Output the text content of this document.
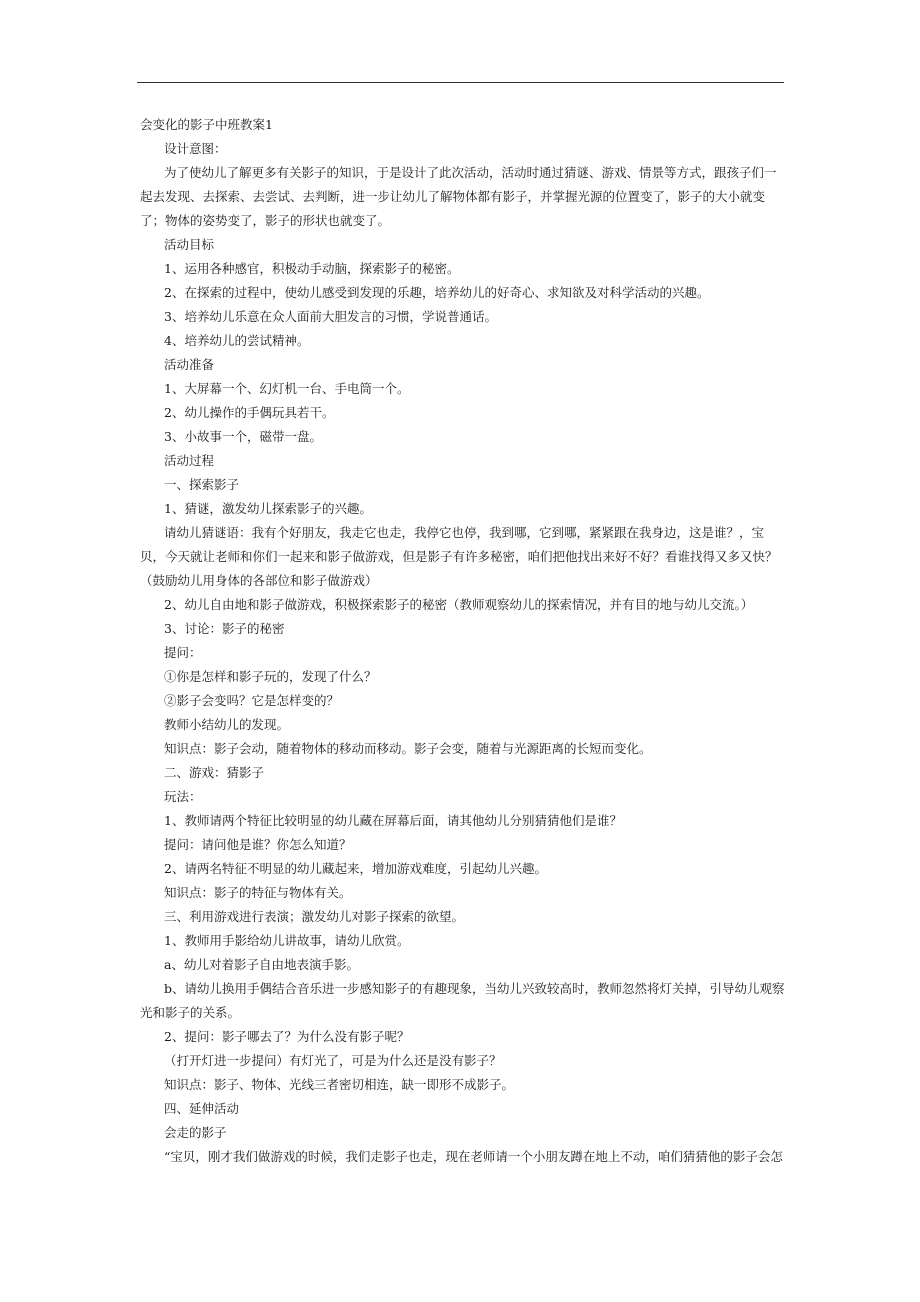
会变化的影子中班教案1

设计意图：

为了使幼儿了解更多有关影子的知识，于是设计了此次活动，活动时通过猜谜、游戏、情景等方式，跟孩子们一起去发现、去探索、去尝试、去判断，进一步让幼儿了解物体都有影子，并掌握光源的位置变了，影子的大小就变了；物体的姿势变了，影子的形状也就变了。

活动目标

1、运用各种感官，积极动手动脑，探索影子的秘密。

2、在探索的过程中，使幼儿感受到发现的乐趣，培养幼儿的好奇心、求知欲及对科学活动的兴趣。

3、培养幼儿乐意在众人面前大胆发言的习惯，学说普通话。

4、培养幼儿的尝试精神。

活动准备

1、大屏幕一个、幻灯机一台、手电筒一个。

2、幼儿操作的手偶玩具若干。

3、小故事一个，磁带一盘。

活动过程

一、探索影子

1、猜谜，激发幼儿探索影子的兴趣。

请幼儿猜谜语：我有个好朋友，我走它也走，我停它也停，我到哪，它到哪，紧紧跟在我身边，这是谁？，宝贝，今天就让老师和你们一起来和影子做游戏，但是影子有许多秘密，咱们把他找出来好不好？看谁找得又多又快？（鼓励幼儿用身体的各部位和影子做游戏）

2、幼儿自由地和影子做游戏，积极探索影子的秘密（教师观察幼儿的探索情况，并有目的地与幼儿交流。）

3、讨论：影子的秘密

提问：

①你是怎样和影子玩的，发现了什么？

②影子会变吗？它是怎样变的？

教师小结幼儿的发现。

知识点：影子会动，随着物体的移动而移动。影子会变，随着与光源距离的长短而变化。

二、游戏：猜影子

玩法：

1、教师请两个特征比较明显的幼儿藏在屏幕后面，请其他幼儿分别猜猜他们是谁？

提问：请问他是谁？你怎么知道？

2、请两名特征不明显的幼儿藏起来，增加游戏难度，引起幼儿兴趣。

知识点：影子的特征与物体有关。

三、利用游戏进行表演；激发幼儿对影子探索的欲望。

1、教师用手影给幼儿讲故事，请幼儿欣赏。

a、幼儿对着影子自由地表演手影。

b、请幼儿换用手偶结合音乐进一步感知影子的有趣现象，当幼儿兴致较高时，教师忽然将灯关掉，引导幼儿观察光和影子的关系。

2、提问：影子哪去了？为什么没有影子呢？

（打开灯进一步提问）有灯光了，可是为什么还是没有影子？

知识点：影子、物体、光线三者密切相连，缺一即形不成影子。

四、延伸活动

会走的影子

“宝贝，刚才我们做游戏的时候，我们走影子也走，现在老师请一个小朋友蹲在地上不动，咱们猜猜他的影子会怎
